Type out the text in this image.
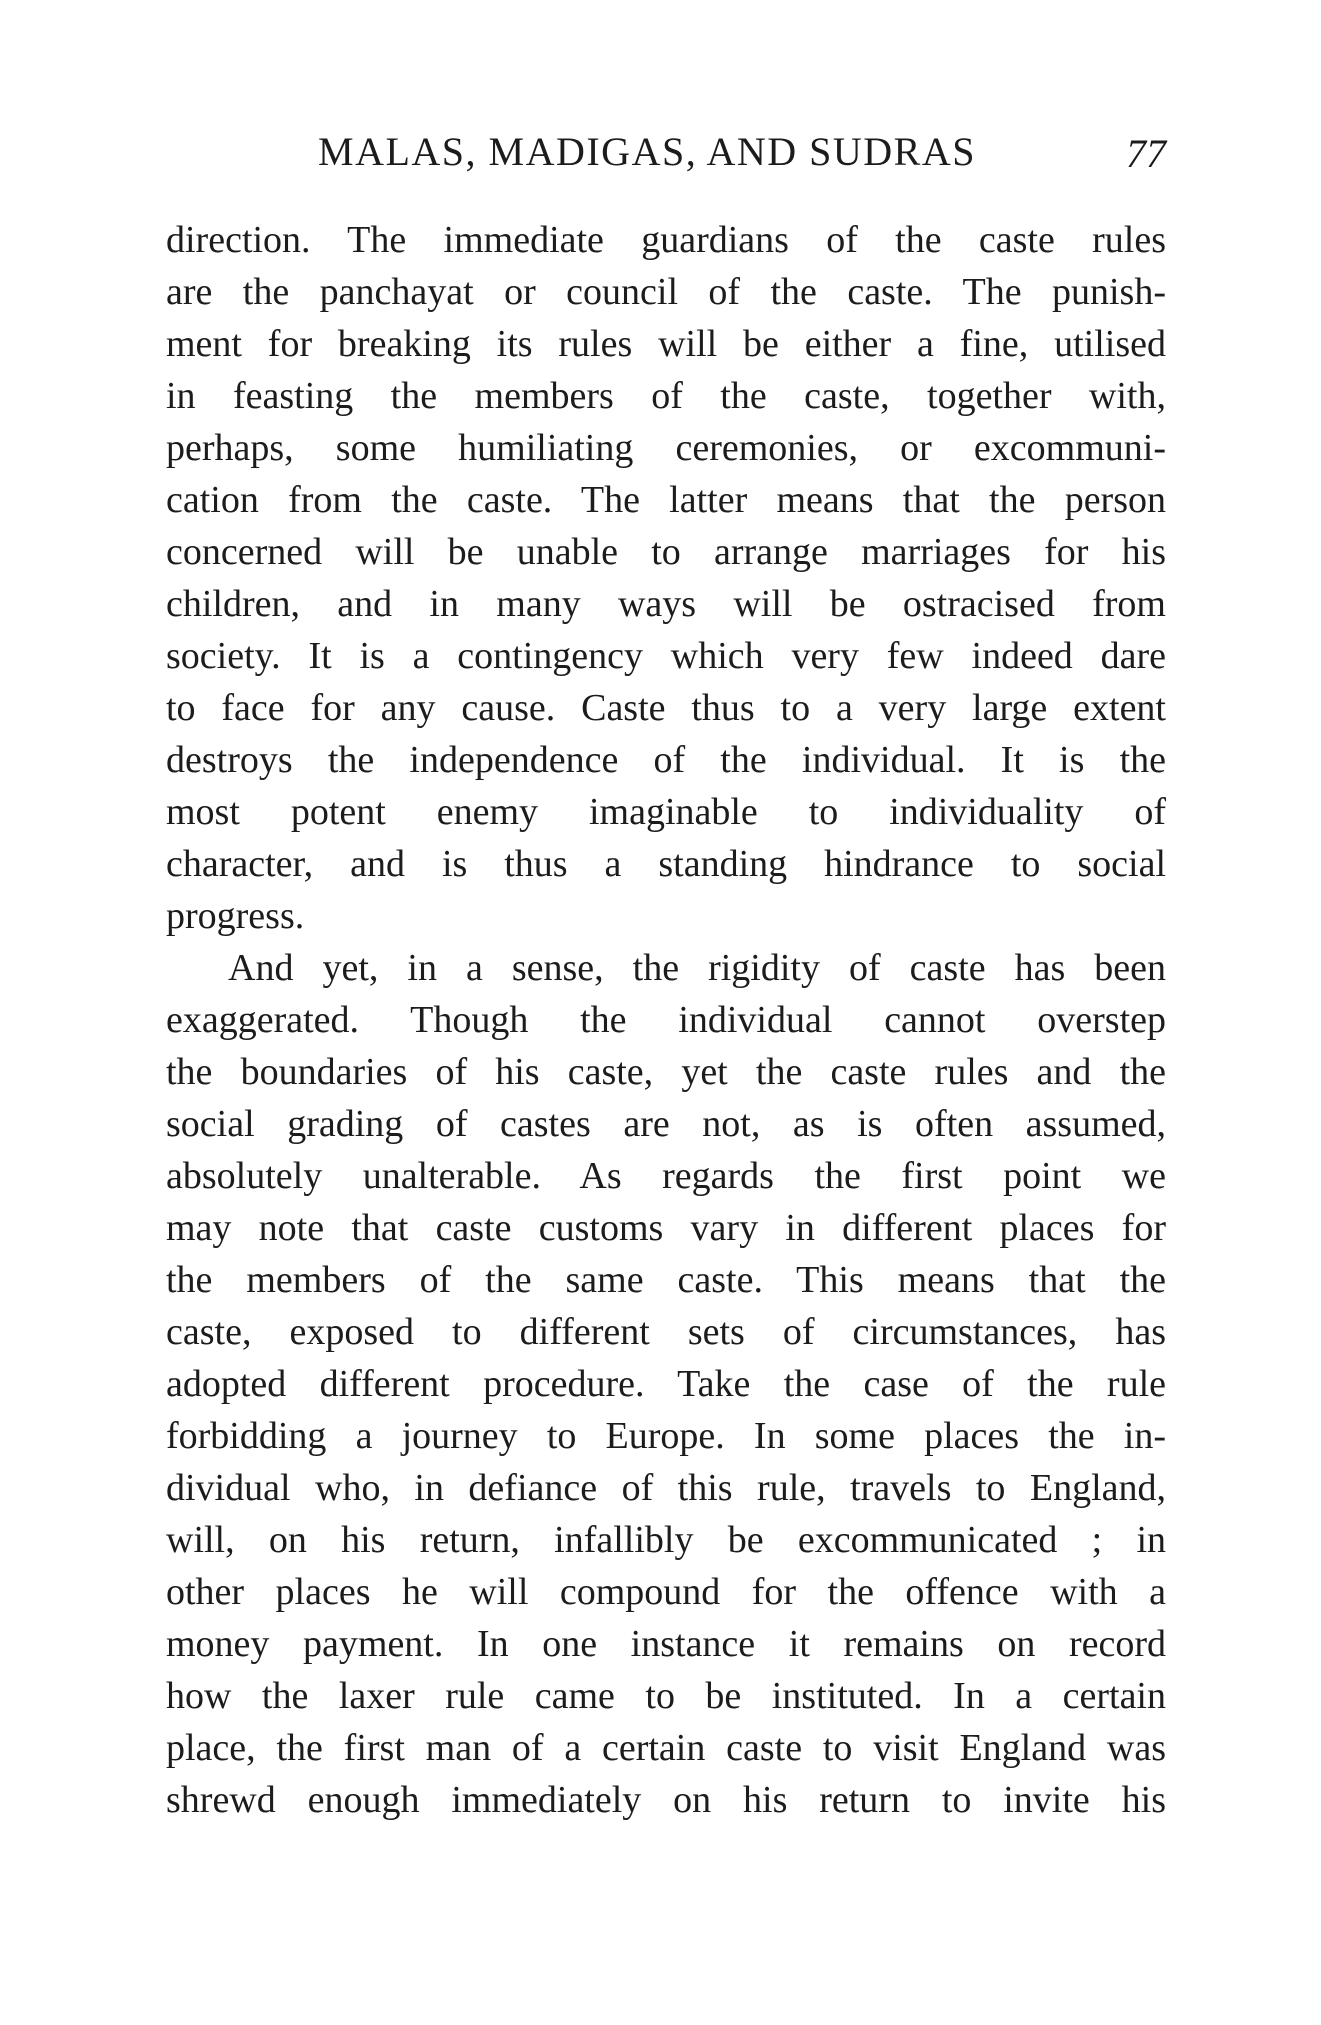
MALAS, MADIGAS, AND SUDRAS	77
direction. The immediate guardians of the caste rules
are the panchayat or council of the caste. The punish-
ment for breaking its rules will be either a fine, utilised
in feasting the members of the caste, together with,
perhaps, some humiliating ceremonies, or excommuni-
cation from the caste. The latter means that the person
concerned will be unable to arrange marriages for his
children, and in many ways will be ostracised from
society. It is a contingency which very few indeed dare
to face for any cause. Caste thus to a very large extent
destroys the independence of the individual. It is the
most potent enemy imaginable to individuality of
character, and is thus a standing hindrance to social
progress.
And yet, in a sense, the rigidity of caste has been
exaggerated. Though the individual cannot overstep
the boundaries of his caste, yet the caste rules and the
social grading of castes are not, as is often assumed,
absolutely unalterable. As regards the first point we
may note that caste customs vary in different places for
the members of the same caste. This means that the
caste, exposed to different sets of circumstances, has
adopted different procedure. Take the case of the rule
forbidding a journey to Europe. In some places the in-
dividual who, in defiance of this rule, travels to England,
will, on his return, infallibly be excommunicated ; in
other places he will compound for the offence with a
money payment. In one instance it remains on record
how the laxer rule came to be instituted. In a certain
place, the first man of a certain caste to visit England was
shrewd enough immediately on his return to invite his
